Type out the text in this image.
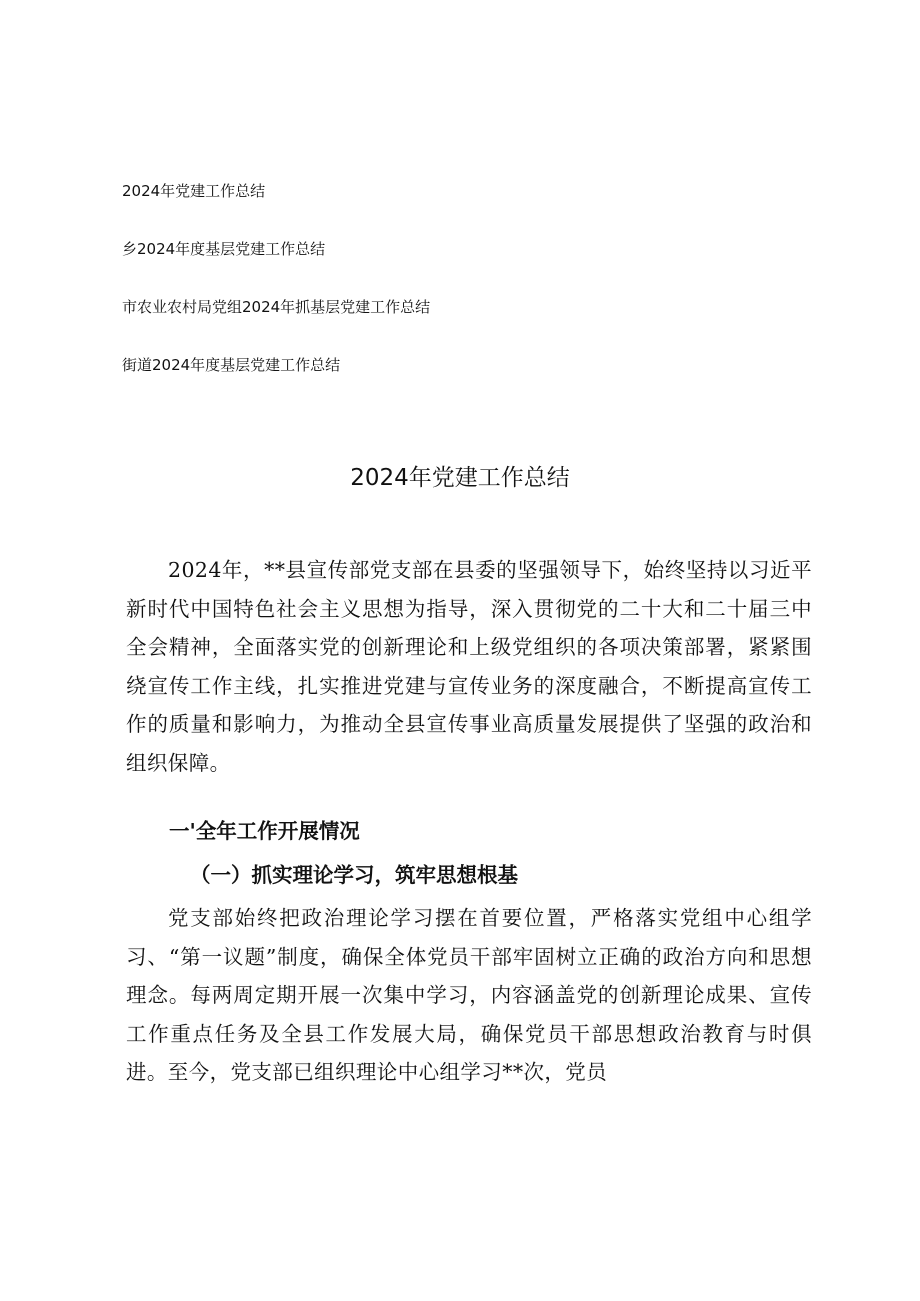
2024年党建工作总结
乡2024年度基层党建工作总结
市农业农村局党组2024年抓基层党建工作总结
街道2024年度基层党建工作总结
2024年党建工作总结

2024年，**县宣传部党支部在县委的坚强领导下，始终坚持以习近平新时代中国特色社会主义思想为指导，深入贯彻党的二十大和二十届三中全会精神，全面落实党的创新理论和上级党组织的各项决策部署，紧紧围绕宣传工作主线，扎实推进党建与宣传业务的深度融合，不断提高宣传工作的质量和影响力，为推动全县宣传事业高质量发展提供了坚强的政治和组织保障。

一'全年工作开展情况
（一）抓实理论学习，筑牢思想根基

党支部始终把政治理论学习摆在首要位置，严格落实党组中心组学习、“第一议题”制度，确保全体党员干部牢固树立正确的政治方向和思想理念。每两周定期开展一次集中学习，内容涵盖党的创新理论成果、宣传工作重点任务及全县工作发展大局，确保党员干部思想政治教育与时俱进。至今，党支部已组织理论中心组学习**次，党员
